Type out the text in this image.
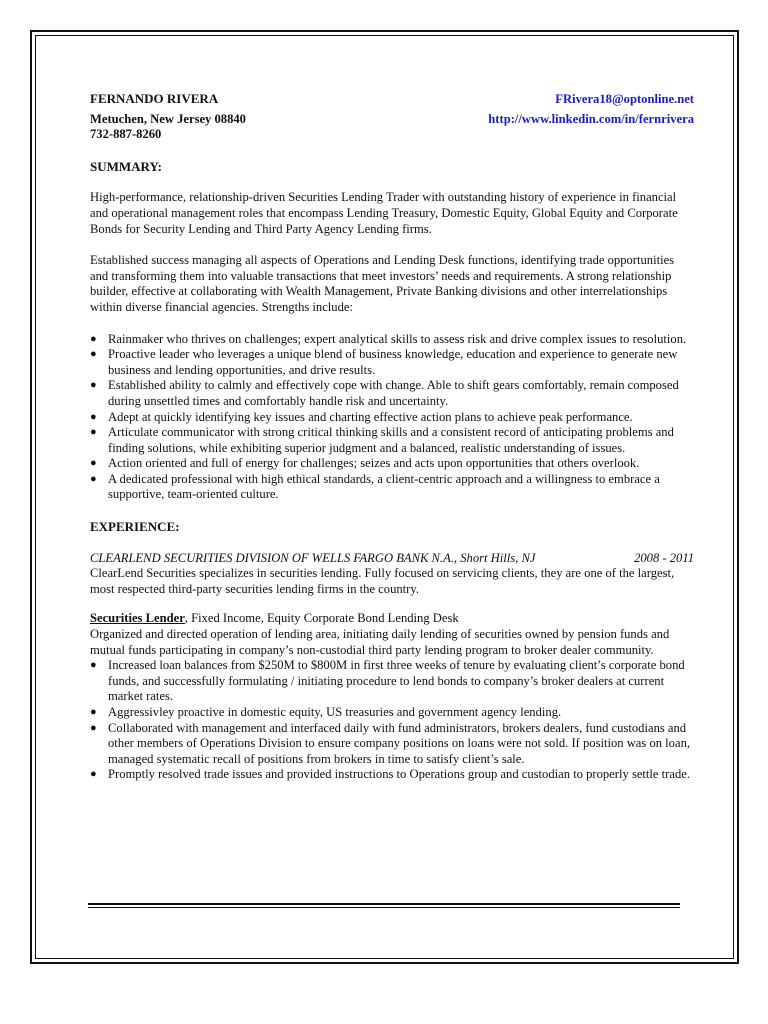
FERNANDO RIVERA	FRivera18@optonline.net
Metuchen, New Jersey 08840	http://www.linkedin.com/in/fernrivera
732-887-8260
SUMMARY:

High-performance, relationship-driven Securities Lending Trader with outstanding history of experience in financial and operational management roles that encompass Lending Treasury, Domestic Equity, Global Equity and Corporate Bonds for Security Lending and Third Party Agency Lending firms.

Established success managing all aspects of Operations and Lending Desk functions, identifying trade opportunities and transforming them into valuable transactions that meet investors’ needs and requirements. A strong relationship builder, effective at collaborating with Wealth Management, Private Banking divisions and other interrelationships within diverse financial agencies. Strengths include:

● Rainmaker who thrives on challenges; expert analytical skills to assess risk and drive complex issues to resolution.
● Proactive leader who leverages a unique blend of business knowledge, education and experience to generate new business and lending opportunities, and drive results.
● Established ability to calmly and effectively cope with change. Able to shift gears comfortably, remain composed during unsettled times and comfortably handle risk and uncertainty.
● Adept at quickly identifying key issues and charting effective action plans to achieve peak performance.
● Articulate communicator with strong critical thinking skills and a consistent record of anticipating problems and finding solutions, while exhibiting superior judgment and a balanced, realistic understanding of issues.
● Action oriented and full of energy for challenges; seizes and acts upon opportunities that others overlook.
● A dedicated professional with high ethical standards, a client-centric approach and a willingness to embrace a supportive, team-oriented culture.
EXPERIENCE:
CLEARLEND SECURITIES DIVISION OF WELLS FARGO BANK N.A., Short Hills, NJ	2008 - 2011
ClearLend Securities specializes in securities lending. Fully focused on servicing clients, they are one of the largest, most respected third-party securities lending firms in the country.
Securities Lender, Fixed Income, Equity Corporate Bond Lending Desk
Organized and directed operation of lending area, initiating daily lending of securities owned by pension funds and mutual funds participating in company’s non-custodial third party lending program to broker dealer community.
● Increased loan balances from $250M to $800M in first three weeks of tenure by evaluating client’s corporate bond funds, and successfully formulating / initiating procedure to lend bonds to company’s broker dealers at current market rates.
● Aggressivley proactive in domestic equity, US treasuries and government agency lending.
● Collaborated with management and interfaced daily with fund administrators, brokers dealers, fund custodians and other members of Operations Division to ensure company positions on loans were not sold. If position was on loan, managed systematic recall of positions from brokers in time to satisfy client’s sale.
● Promptly resolved trade issues and provided instructions to Operations group and custodian to properly settle trade.
